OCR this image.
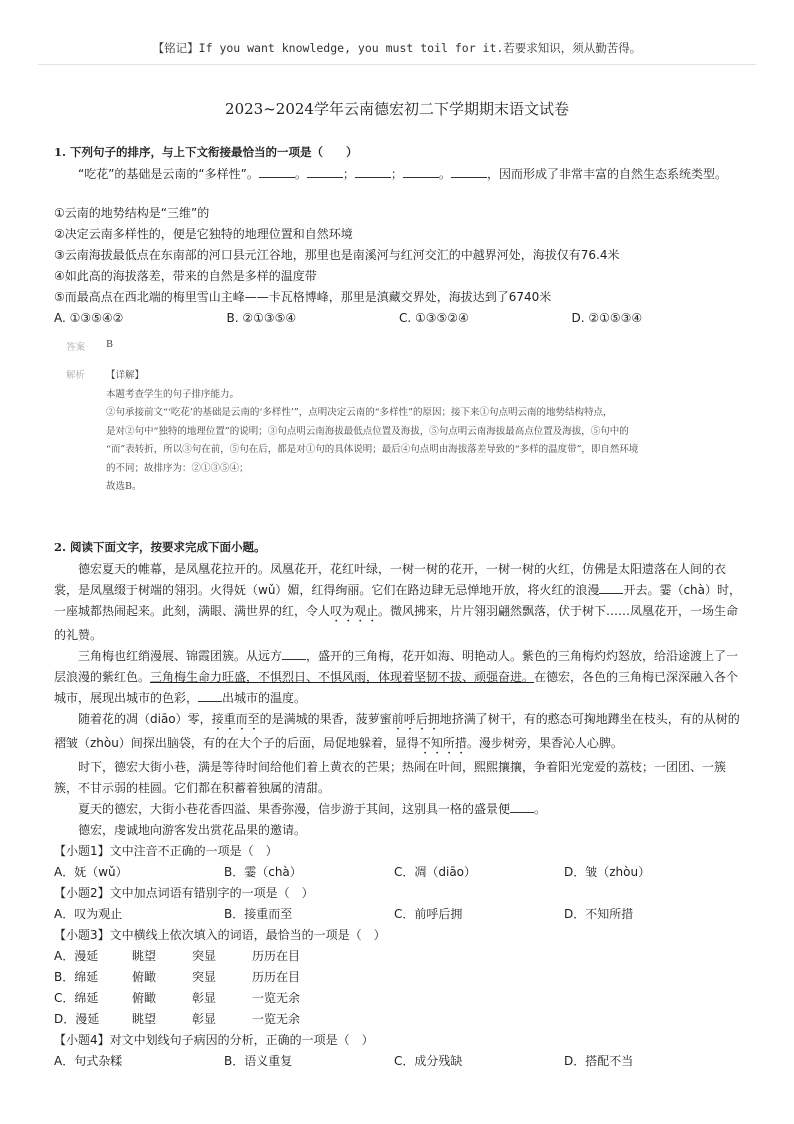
【铭记】If you want knowledge, you must toil for it.若要求知识，须从勤苦得。
2023~2024学年云南德宏初二下学期期末语文试卷

1. 下列句子的排序，与上下文衔接最恰当的一项是（　　）

“吃花”的基础是云南的“多样性”。	。	；	；	。	，因而形成了非常丰富的自然生态系统类型。

①云南的地势结构是“三维”的

②决定云南多样性的，便是它独特的地理位置和自然环境

③云南海拔最低点在东南部的河口县元江谷地，那里也是南溪河与红河交汇的中越界河处，海拔仅有76.4米

④如此高的海拔落差，带来的自然是多样的温度带

⑤而最高点在西北端的梅里雪山主峰——卡瓦格博峰，那里是滇藏交界处，海拔达到了6740米

A. ①③⑤④②	B. ②①③⑤④	C. ①③⑤②④	D. ②①⑤③④
答案	B
解析	【详解】
本题考查学生的句子排序能力。
②句承接前文“‘吃花’的基础是云南的‘多样性’”，点明决定云南的“多样性”的原因；接下来①句点明云南的地势结构特点，
是对②句中“独特的地理位置”的说明；③句点明云南海拔最低点位置及海拔，⑤句点明云南海拔最高点位置及海拔，⑤句中的
“而”表转折，所以③句在前，⑤句在后，都是对①句的具体说明；最后④句点明由海拔落差导致的“多样的温度带”，即自然环境
的不同；故排序为：②①③⑤④；
故选B。

2. 阅读下面文字，按要求完成下面小题。

德宏夏天的帷幕，是凤凰花拉开的。凤凰花开，花红叶绿，一树一树的花开，一树一树的火红，仿佛是太阳遗落在人间的衣裳，是凤凰缀于树端的翎羽。火得妩（wǔ）媚，红得绚丽。它们在路边肆无忌惮地开放，将火红的浪漫 开去。霎（chà）时，一座城都热闹起来。此刻，满眼、满世界的红，令人叹为观止。微风拂来，片片翎羽翩然飘落，伏于树下……凤凰花开，一场生命的礼赞。

三角梅也红绡漫展、锦霞团簇。从远方 ，盛开的三角梅，花开如海、明艳动人。紫色的三角梅灼灼怒放，给沿途渡上了一层浪漫的紫红色。三角梅生命力旺盛，不惧烈日、不惧风雨，体现着坚韧不拔、顽强奋进。在德宏，各色的三角梅已深深融入各个城市，展现出城市的色彩， 出城市的温度。

随着花的凋（diāo）零，接重而至的是满城的果香，菠萝蜜前呼后拥地挤满了树干，有的憨态可掬地蹲坐在枝头，有的从树的褶皱（zhòu）间探出脑袋，有的在大个子的后面，局促地躲着，显得不知所措。漫步树旁，果香沁人心脾。

时下，德宏大街小巷，满是等待时间给他们着上黄衣的芒果；热闹在叶间，熙熙攘攘，争着阳光宠爱的荔枝；一团团、一簇簇，不甘示弱的桂圆。它们都在积蓄着独属的清甜。

夏天的德宏，大街小巷花香四溢、果香弥漫，信步游于其间，这别具一格的盛景便 。

德宏，虔诚地向游客发出赏花品果的邀请。

【小题1】文中注音不正确的一项是（　）

A．妩（wǔ）	B．霎（chà）	C．凋（diāo）	D．皱（zhòu）

【小题2】文中加点词语有错别字的一项是（　）

A．叹为观止	B．接重而至	C．前呼后拥	D．不知所措

【小题3】文中横线上依次填入的词语，最恰当的一项是（　）

A．漫延	眺望	突显	历历在目
B．绵延	俯瞰	突显	历历在目
C．绵延	俯瞰	彰显	一览无余
D．漫延	眺望	彰显	一览无余

【小题4】对文中划线句子病因的分析，正确的一项是（　）

A．句式杂糅	B．语义重复	C．成分残缺	D．搭配不当
